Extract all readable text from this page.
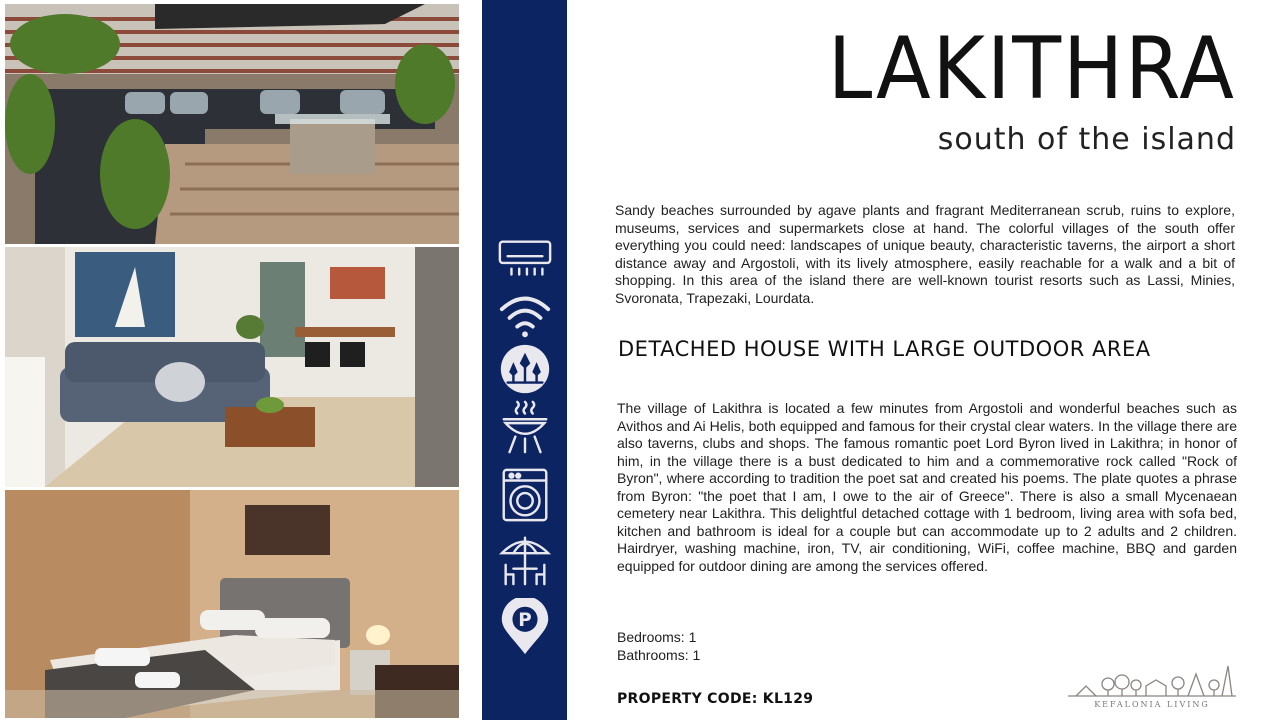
P
LAKITHRA
south of the island

Sandy beaches surrounded by agave plants and fragrant Mediterranean scrub, ruins to explore, museums, services and supermarkets close at hand. The colorful villages of the south offer everything you could need: landscapes of unique beauty, characteristic taverns, the airport a short distance away and Argostoli, with its lively atmosphere, easily reachable for a walk and a bit of shopping. In this area of the island there are well-known tourist resorts such as Lassi, Minies, Svoronata, Trapezaki, Lourdata.

DETACHED HOUSE WITH LARGE OUTDOOR AREA

The village of Lakithra is located a few minutes from Argostoli and wonderful beaches such as Avithos and Ai Helis, both equipped and famous for their crystal clear waters. In the village there are also taverns, clubs and shops. The famous romantic poet Lord Byron lived in Lakithra; in honor of him, in the village there is a bust dedicated to him and a commemorative rock called "Rock of Byron", where according to tradition the poet sat and created his poems. The plate quotes a phrase from Byron: "the poet that I am, I owe to the air of Greece". There is also a small Mycenaean cemetery near Lakithra. This delightful detached cottage with 1 bedroom, living area with sofa bed, kitchen and bathroom is ideal for a couple but can accommodate up to 2 adults and 2 children. Hairdryer, washing machine, iron, TV, air conditioning, WiFi, coffee machine, BBQ and garden equipped for outdoor dining are among the services offered.

Bedrooms: 1
Bathrooms: 1
PROPERTY CODE: KL129	KEFALONIA LIVING
